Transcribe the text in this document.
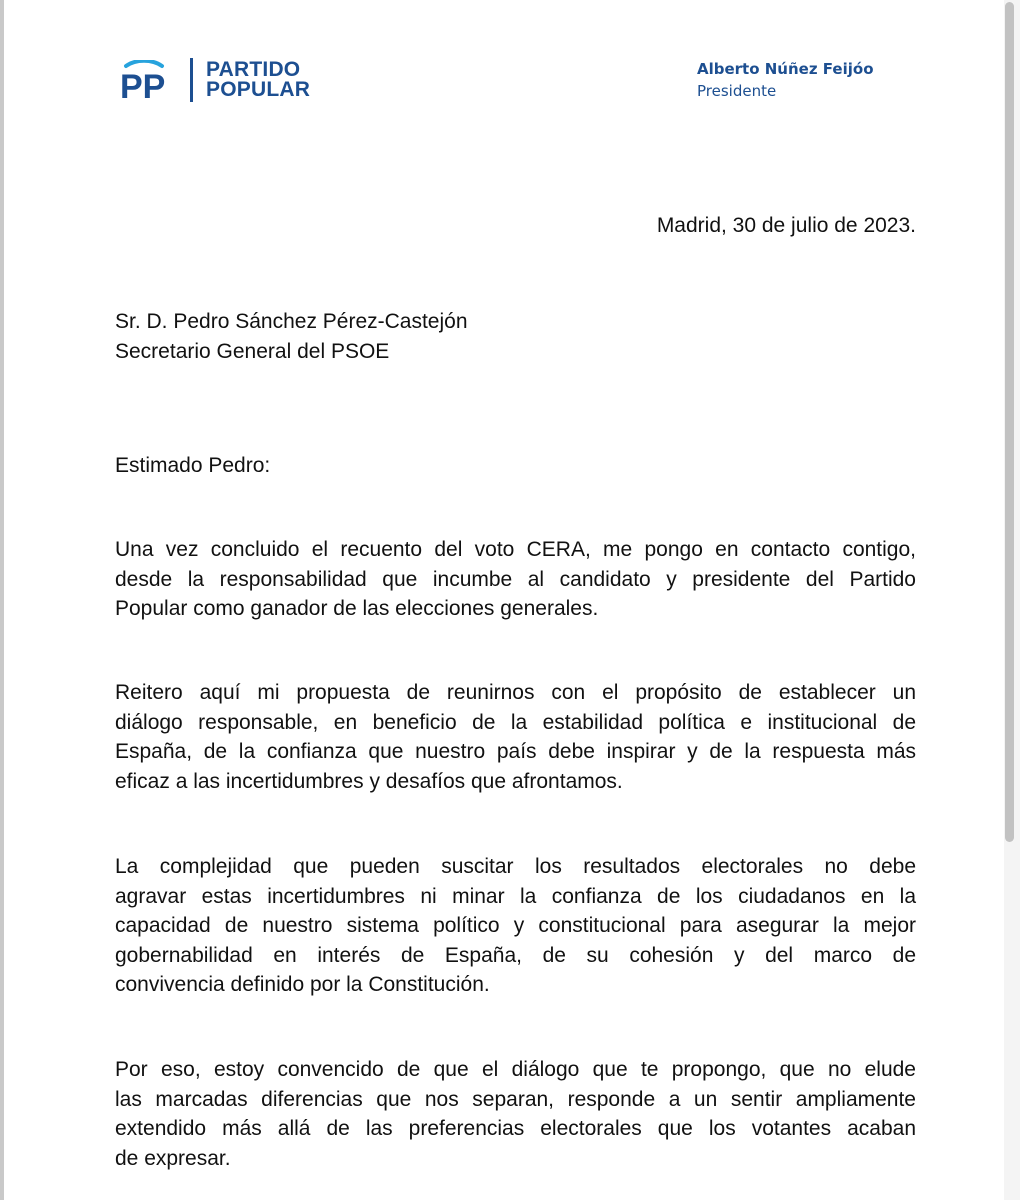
PP PARTIDO
POPULAR
Alberto Núñez Feijóo
Presidente
Madrid, 30 de julio de 2023.
Sr. D. Pedro Sánchez Pérez-Castejón
Secretario General del PSOE
Estimado Pedro:
Una vez concluido el recuento del voto CERA, me pongo en contacto contigo,
desde la responsabilidad que incumbe al candidato y presidente del Partido
Popular como ganador de las elecciones generales.
Reitero aquí mi propuesta de reunirnos con el propósito de establecer un
diálogo responsable, en beneficio de la estabilidad política e institucional de
España, de la confianza que nuestro país debe inspirar y de la respuesta más
eficaz a las incertidumbres y desafíos que afrontamos.
La complejidad que pueden suscitar los resultados electorales no debe
agravar estas incertidumbres ni minar la confianza de los ciudadanos en la
capacidad de nuestro sistema político y constitucional para asegurar la mejor
gobernabilidad en interés de España, de su cohesión y del marco de
convivencia definido por la Constitución.
Por eso, estoy convencido de que el diálogo que te propongo, que no elude
las marcadas diferencias que nos separan, responde a un sentir ampliamente
extendido más allá de las preferencias electorales que los votantes acaban
de expresar.
